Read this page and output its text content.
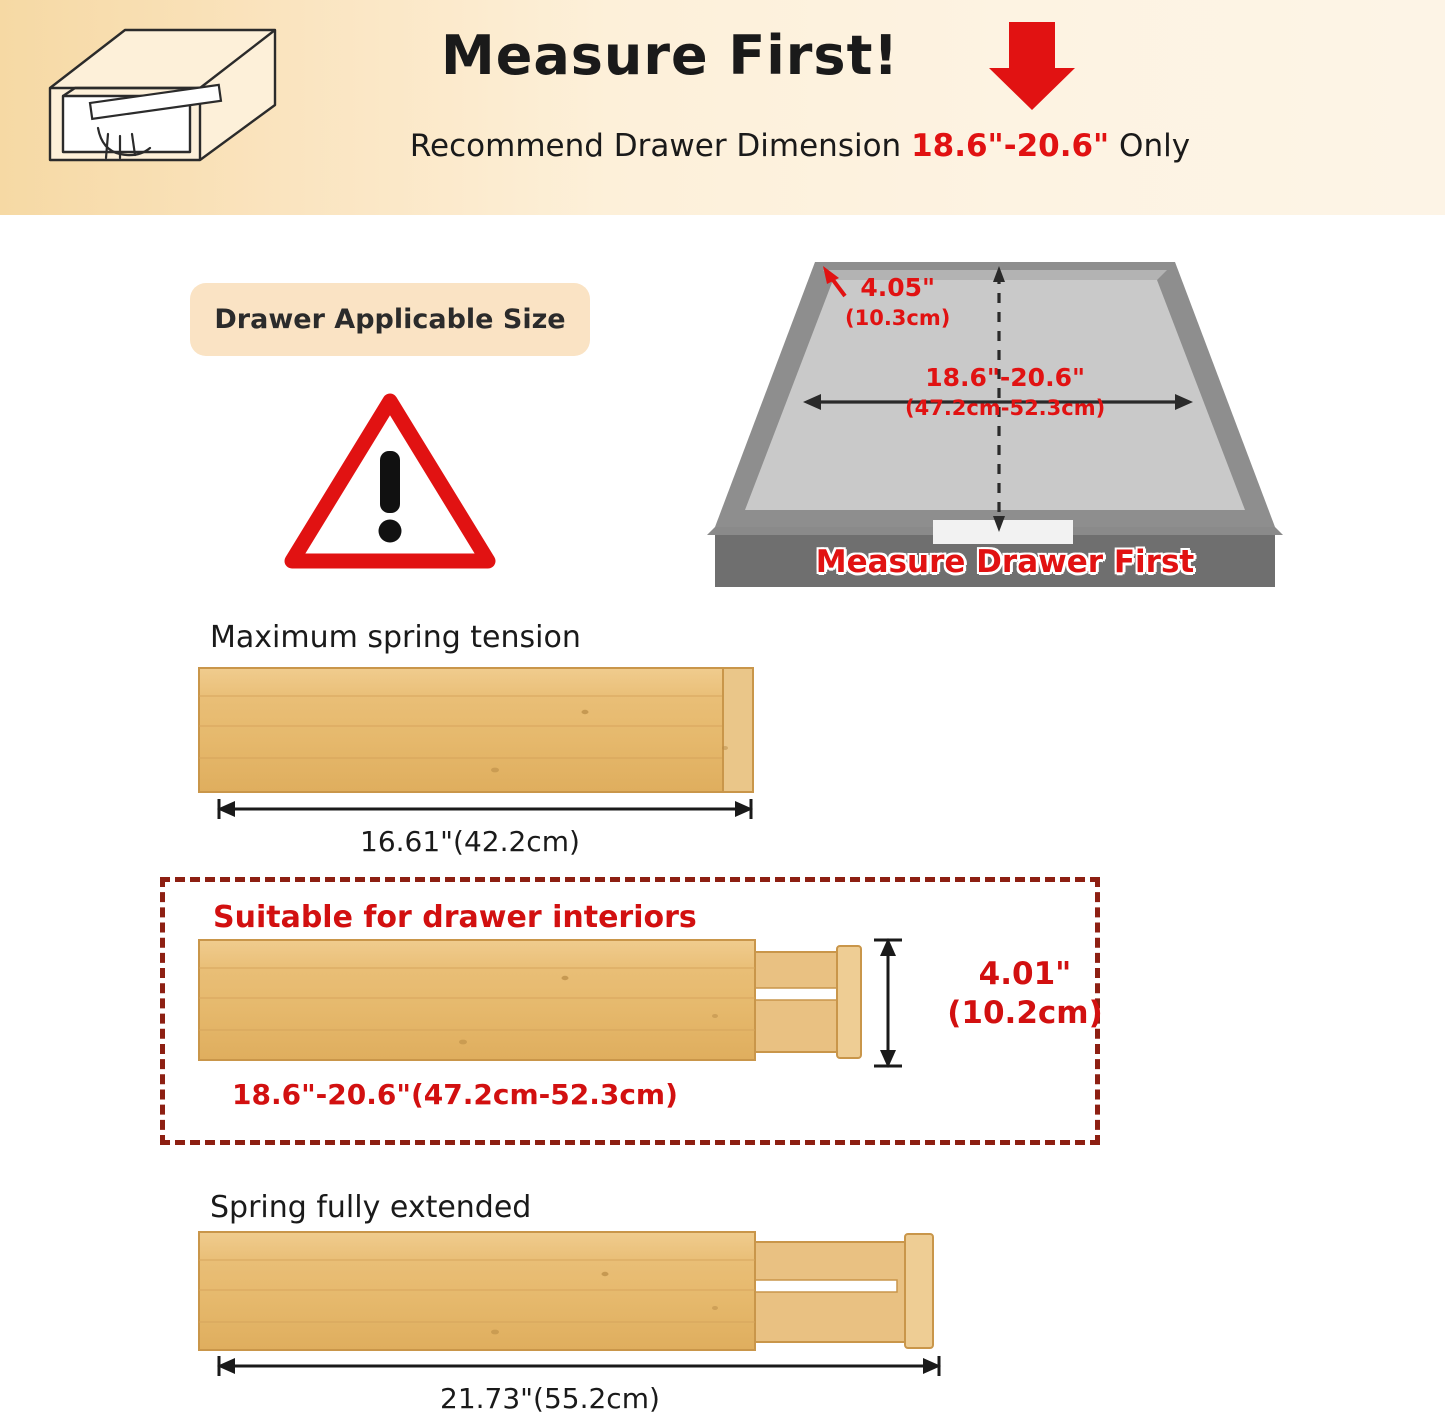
Measure First!
Recommend Drawer Dimension 18.6"-20.6" Only
Drawer Applicable Size
4.05"
(10.3cm)
18.6"-20.6"
(47.2cm-52.3cm)
Measure Drawer First
Maximum spring tension
16.61"(42.2cm)
Suitable for drawer interiors
4.01"
(10.2cm)
18.6"-20.6"(47.2cm-52.3cm)
Spring fully extended
21.73"(55.2cm)
